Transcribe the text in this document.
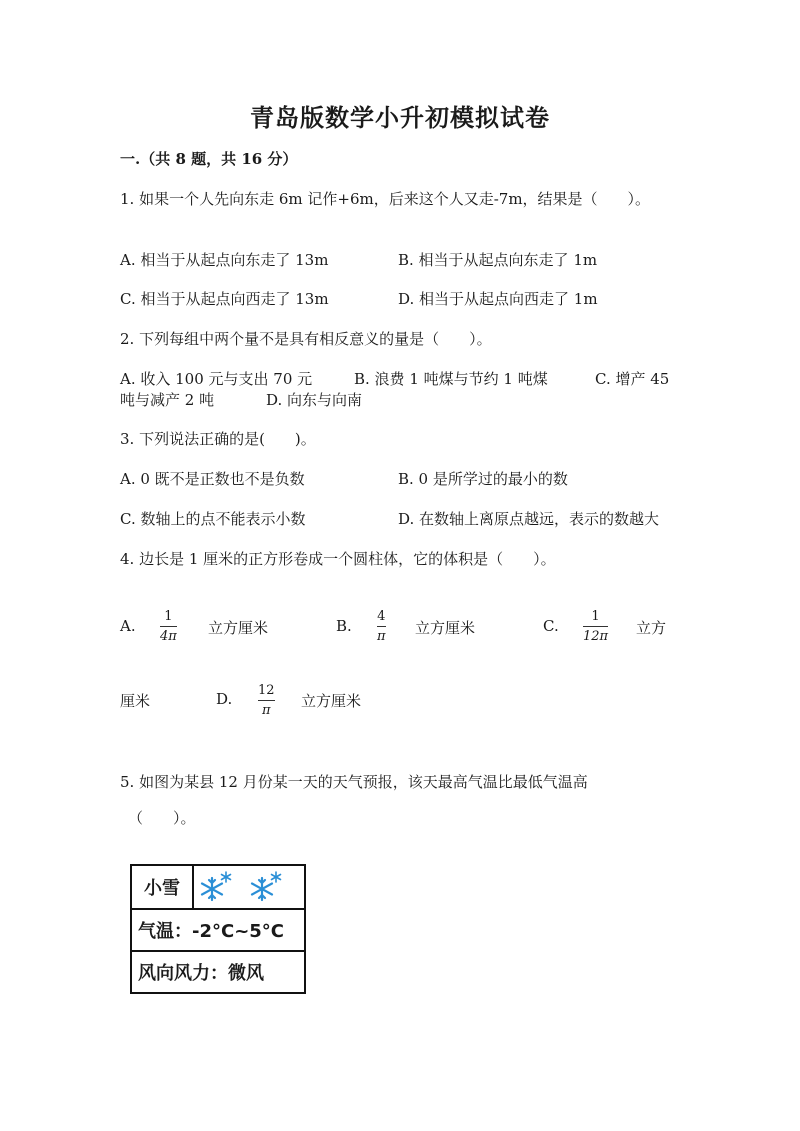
青岛版数学小升初模拟试卷
一.（共 8 题，共 16 分）
1. 如果一个人先向东走 6m 记作+6m，后来这个人又走-7m，结果是（　　）。
A. 相当于从起点向东走了 13m	B. 相当于从起点向东走了 1m
C. 相当于从起点向西走了 13m	D. 相当于从起点向西走了 1m
2. 下列每组中两个量不是具有相反意义的量是（　　）。
A. 收入 100 元与支出 70 元	B. 浪费 1 吨煤与节约 1 吨煤	C. 增产 45
吨与减产 2 吨	D. 向东与向南
3. 下列说法正确的是(　　)。
A. 0 既不是正数也不是负数	B. 0 是所学过的最小的数
C. 数轴上的点不能表示小数	D. 在数轴上离原点越远，表示的数越大
4. 边长是 1 厘米的正方形卷成一个圆柱体，它的体积是（　　）。
A.
1
4π 立方厘米	B.
4
π 立方厘米	C.
1
12π 立方
厘米	D. 12
π
立方厘米
5. 如图为某县 12 月份某一天的天气预报，该天最高气温比最低气温高
（　　）。
小雪
气温：-2°C~5°C
风向风力：微风
